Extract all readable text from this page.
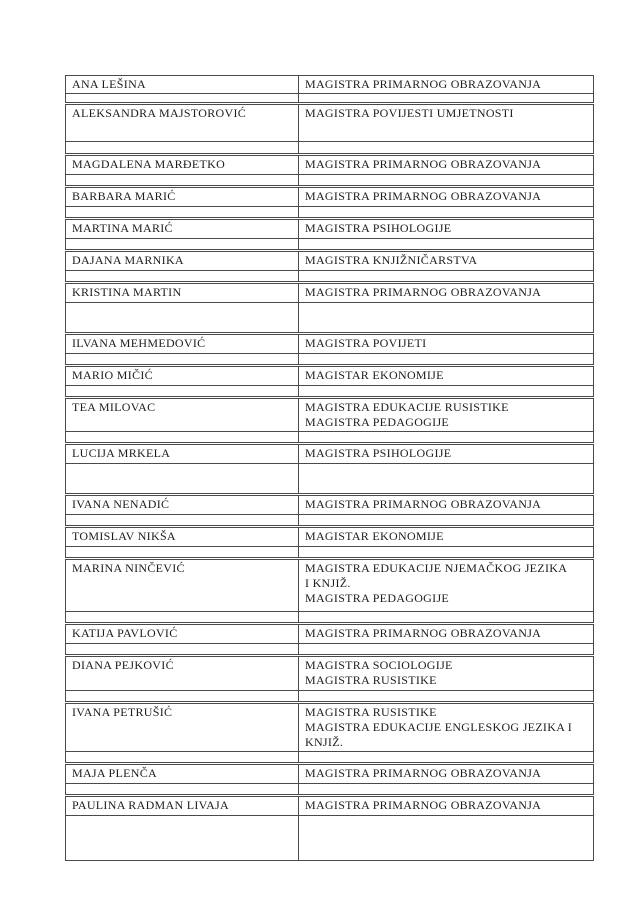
ANA LEŠINA	MAGISTRA PRIMARNOG OBRAZOVANJA

ALEKSANDRA MAJSTOROVIĆ	MAGISTRA POVIJESTI UMJETNOSTI

MAGDALENA MARĐETKO	MAGISTRA PRIMARNOG OBRAZOVANJA

BARBARA MARIĆ	MAGISTRA PRIMARNOG OBRAZOVANJA

MARTINA MARIĆ	MAGISTRA PSIHOLOGIJE

DAJANA MARNIKA	MAGISTRA KNJIŽNIČARSTVA

KRISTINA MARTIN	MAGISTRA PRIMARNOG OBRAZOVANJA

ILVANA MEHMEDOVIĆ	MAGISTRA POVIJETI

MARIO MIČIĆ	MAGISTAR EKONOMIJE

TEA MILOVAC	MAGISTRA EDUKACIJE RUSISTIKE
MAGISTRA PEDAGOGIJE

LUCIJA MRKELA	MAGISTRA PSIHOLOGIJE

IVANA NENADIĆ	MAGISTRA PRIMARNOG OBRAZOVANJA

TOMISLAV NIKŠA	MAGISTAR EKONOMIJE

MARINA NINČEVIĆ	MAGISTRA EDUKACIJE NJEMAČKOG JEZIKA
I KNJIŽ.
MAGISTRA PEDAGOGIJE

KATIJA PAVLOVIĆ	MAGISTRA PRIMARNOG OBRAZOVANJA

DIANA PEJKOVIĆ	MAGISTRA SOCIOLOGIJE
MAGISTRA RUSISTIKE

IVANA PETRUŠIĆ	MAGISTRA RUSISTIKE
MAGISTRA EDUKACIJE ENGLESKOG JEZIKA I
KNJIŽ.

MAJA PLENČA	MAGISTRA PRIMARNOG OBRAZOVANJA

PAULINA RADMAN LIVAJA	MAGISTRA PRIMARNOG OBRAZOVANJA
